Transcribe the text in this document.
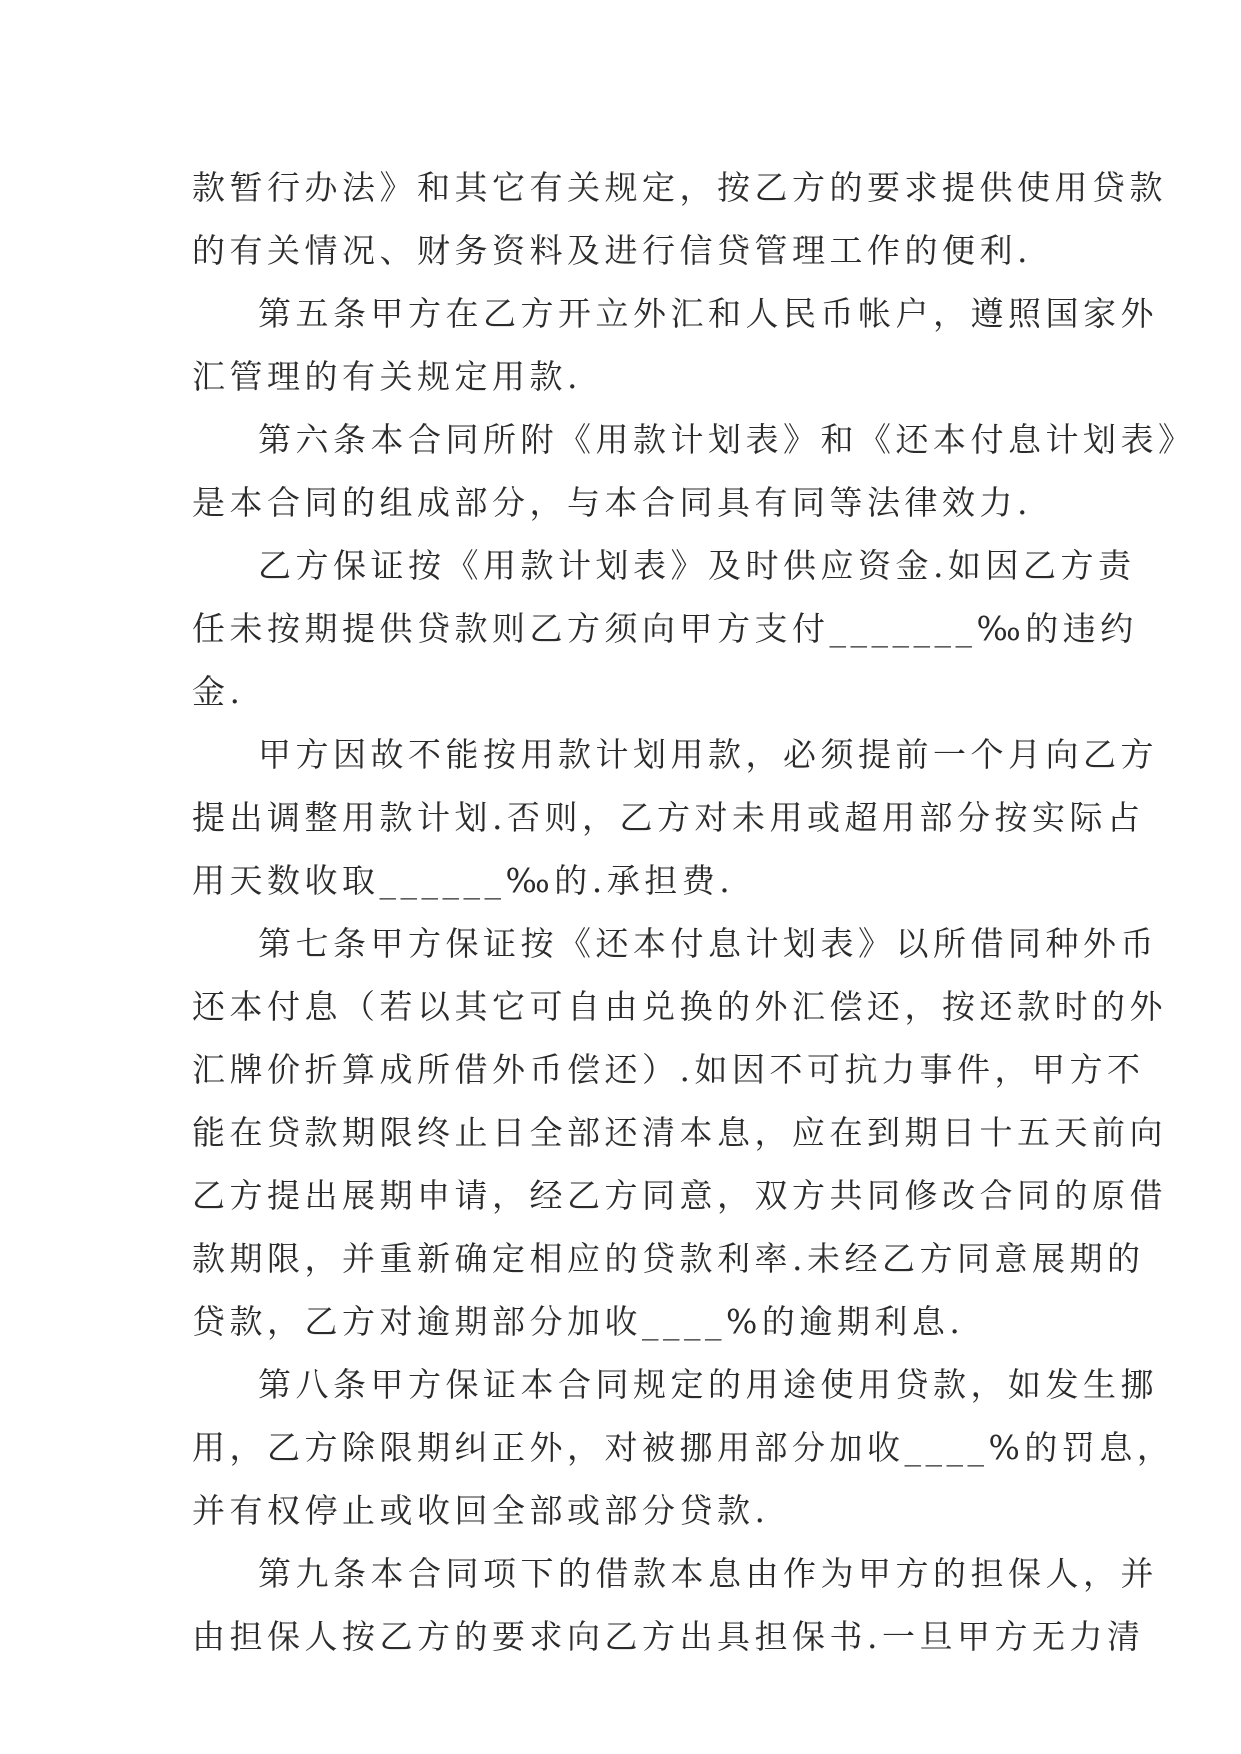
款暂行办法》和其它有关规定，按乙方的要求提供使用贷款
的有关情况、财务资料及进行信贷管理工作的便利.
第五条甲方在乙方开立外汇和人民币帐户，遵照国家外
汇管理的有关规定用款.
第六条本合同所附《用款计划表》和《还本付息计划表》
是本合同的组成部分，与本合同具有同等法律效力.
乙方保证按《用款计划表》及时供应资金.如因乙方责
任未按期提供贷款则乙方须向甲方支付_______‰的违约
金.
甲方因故不能按用款计划用款，必须提前一个月向乙方
提出调整用款计划.否则，乙方对未用或超用部分按实际占
用天数收取______‰的.承担费.
第七条甲方保证按《还本付息计划表》以所借同种外币
还本付息（若以其它可自由兑换的外汇偿还，按还款时的外
汇牌价折算成所借外币偿还）.如因不可抗力事件，甲方不
能在贷款期限终止日全部还清本息，应在到期日十五天前向
乙方提出展期申请，经乙方同意，双方共同修改合同的原借
款期限，并重新确定相应的贷款利率.未经乙方同意展期的
贷款，乙方对逾期部分加收____%的逾期利息.
第八条甲方保证本合同规定的用途使用贷款，如发生挪
用，乙方除限期纠正外，对被挪用部分加收____%的罚息，
并有权停止或收回全部或部分贷款.
第九条本合同项下的借款本息由作为甲方的担保人，并
由担保人按乙方的要求向乙方出具担保书.一旦甲方无力清
